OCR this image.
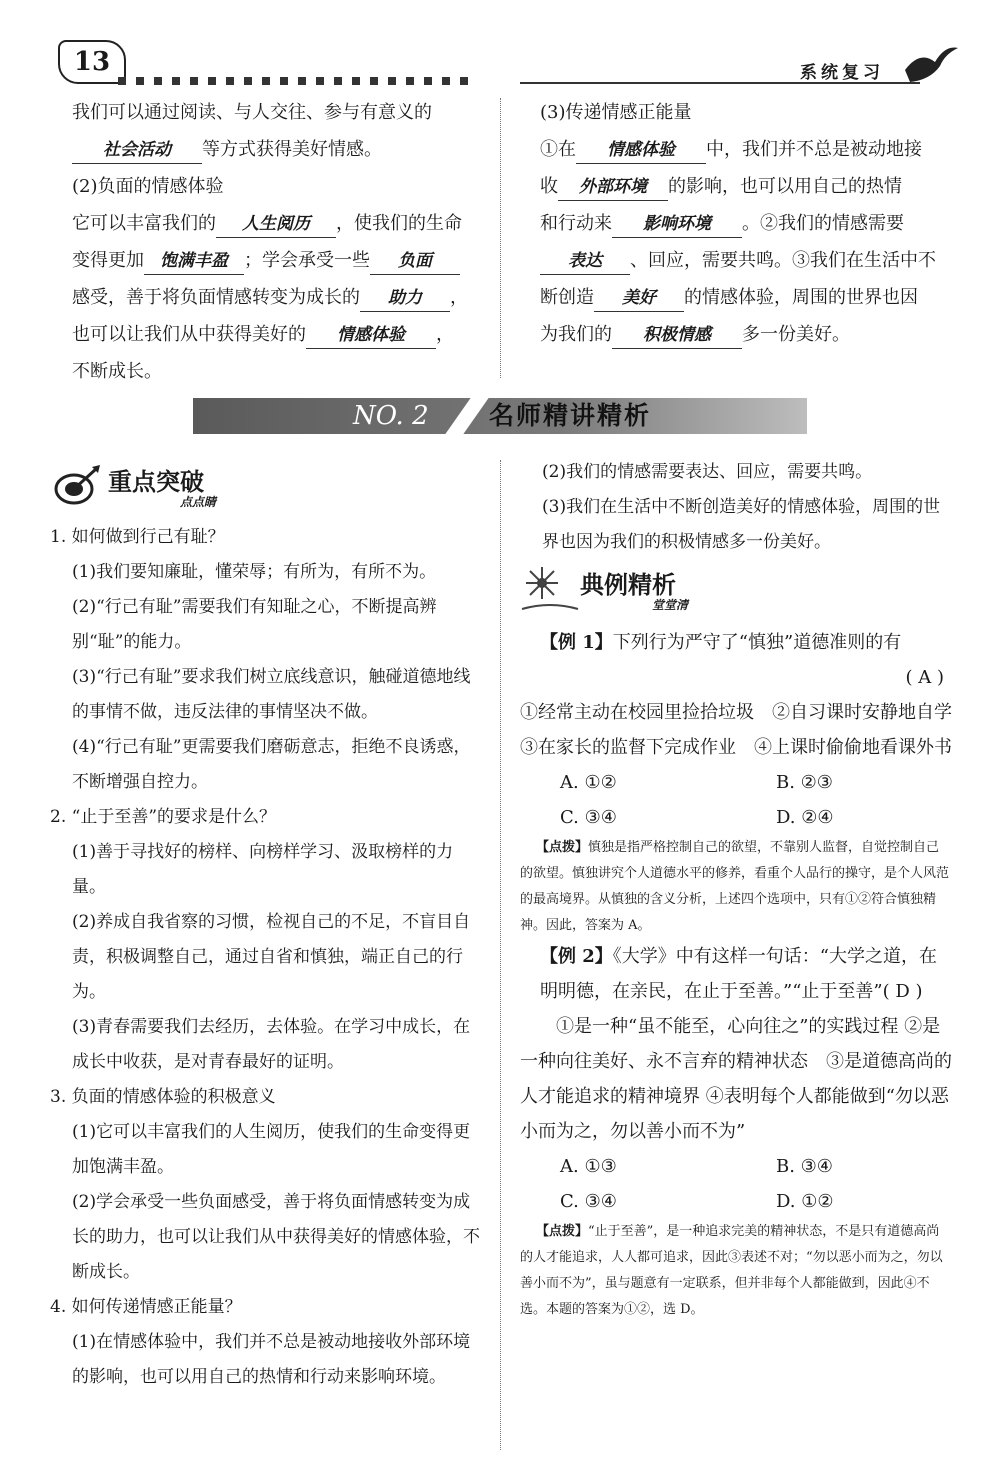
13	系统复习

我们可以通过阅读、与人交往、参与有意义的

社会活动 等方式获得美好情感。

(2)负面的情感体验

它可以丰富我们的 人生阅历 ，使我们的生命

变得更加 饱满丰盈 ；学会承受一些 负面

感受，善于将负面情感转变为成长的 助力 ，

也可以让我们从中获得美好的 情感体验 ，

不断成长。

(3)传递情感正能量

①在 情感体验 中，我们并不总是被动地接

收 外部环境 的影响，也可以用自己的热情

和行动来 影响环境 。②我们的情感需要

表达 、回应，需要共鸣。③我们在生活中不

断创造 美好 的情感体验，周围的世界也因

为我们的 积极情感 多一份美好。

NO. 2 名师精讲精析
重点突破
点点睛
1. 如何做到行己有耻？
(1)我们要知廉耻，懂荣辱；有所为，有所不为。
(2)“行己有耻”需要我们有知耻之心，不断提高辨别“耻”的能力。
(3)“行己有耻”要求我们树立底线意识，触碰道德地线的事情不做，违反法律的事情坚决不做。
(4)“行己有耻”更需要我们磨砺意志，拒绝不良诱惑，不断增强自控力。
2. “止于至善”的要求是什么？
(1)善于寻找好的榜样、向榜样学习、汲取榜样的力量。
(2)养成自我省察的习惯，检视自己的不足，不盲目自责，积极调整自己，通过自省和慎独，端正自己的行为。
(3)青春需要我们去经历，去体验。在学习中成长，在成长中收获，是对青春最好的证明。
3. 负面的情感体验的积极意义
(1)它可以丰富我们的人生阅历，使我们的生命变得更加饱满丰盈。
(2)学会承受一些负面感受，善于将负面情感转变为成长的助力，也可以让我们从中获得美好的情感体验，不断成长。
4. 如何传递情感正能量？
(1)在情感体验中，我们并不总是被动地接收外部环境的影响，也可以用自己的热情和行动来影响环境。
(2)我们的情感需要表达、回应，需要共鸣。
(3)我们在生活中不断创造美好的情感体验，周围的世界也因为我们的积极情感多一份美好。
典例精析
堂堂清
【例 1】下列行为严守了“慎独”道德准则的有
( A )
①经常主动在校园里捡拾垃圾　②自习课时安静地自学　③在家长的监督下完成作业　④上课时偷偷地看课外书
A. ①②	B. ②③
C. ③④	D. ②④
【点拨】慎独是指严格控制自己的欲望，不靠别人监督，自觉控制自己的欲望。慎独讲究个人道德水平的修养，看重个人品行的操守，是个人风范的最高境界。从慎独的含义分析，上述四个选项中，只有①②符合慎独精神。因此，答案为 A。
【例 2】《大学》中有这样一句话：“大学之道，在明明德，在亲民，在止于至善。”“止于至善”( D )
①是一种“虽不能至，心向往之”的实践过程 ②是一种向往美好、永不言弃的精神状态　③是道德高尚的人才能追求的精神境界 ④表明每个人都能做到“勿以恶小而为之，勿以善小而不为”
A. ①③	B. ③④
C. ③④	D. ①②
【点拨】“止于至善”，是一种追求完美的精神状态，不是只有道德高尚的人才能追求，人人都可追求，因此③表述不对；“勿以恶小而为之，勿以善小而不为”，虽与题意有一定联系，但并非每个人都能做到，因此④不选。本题的答案为①②，选 D。
